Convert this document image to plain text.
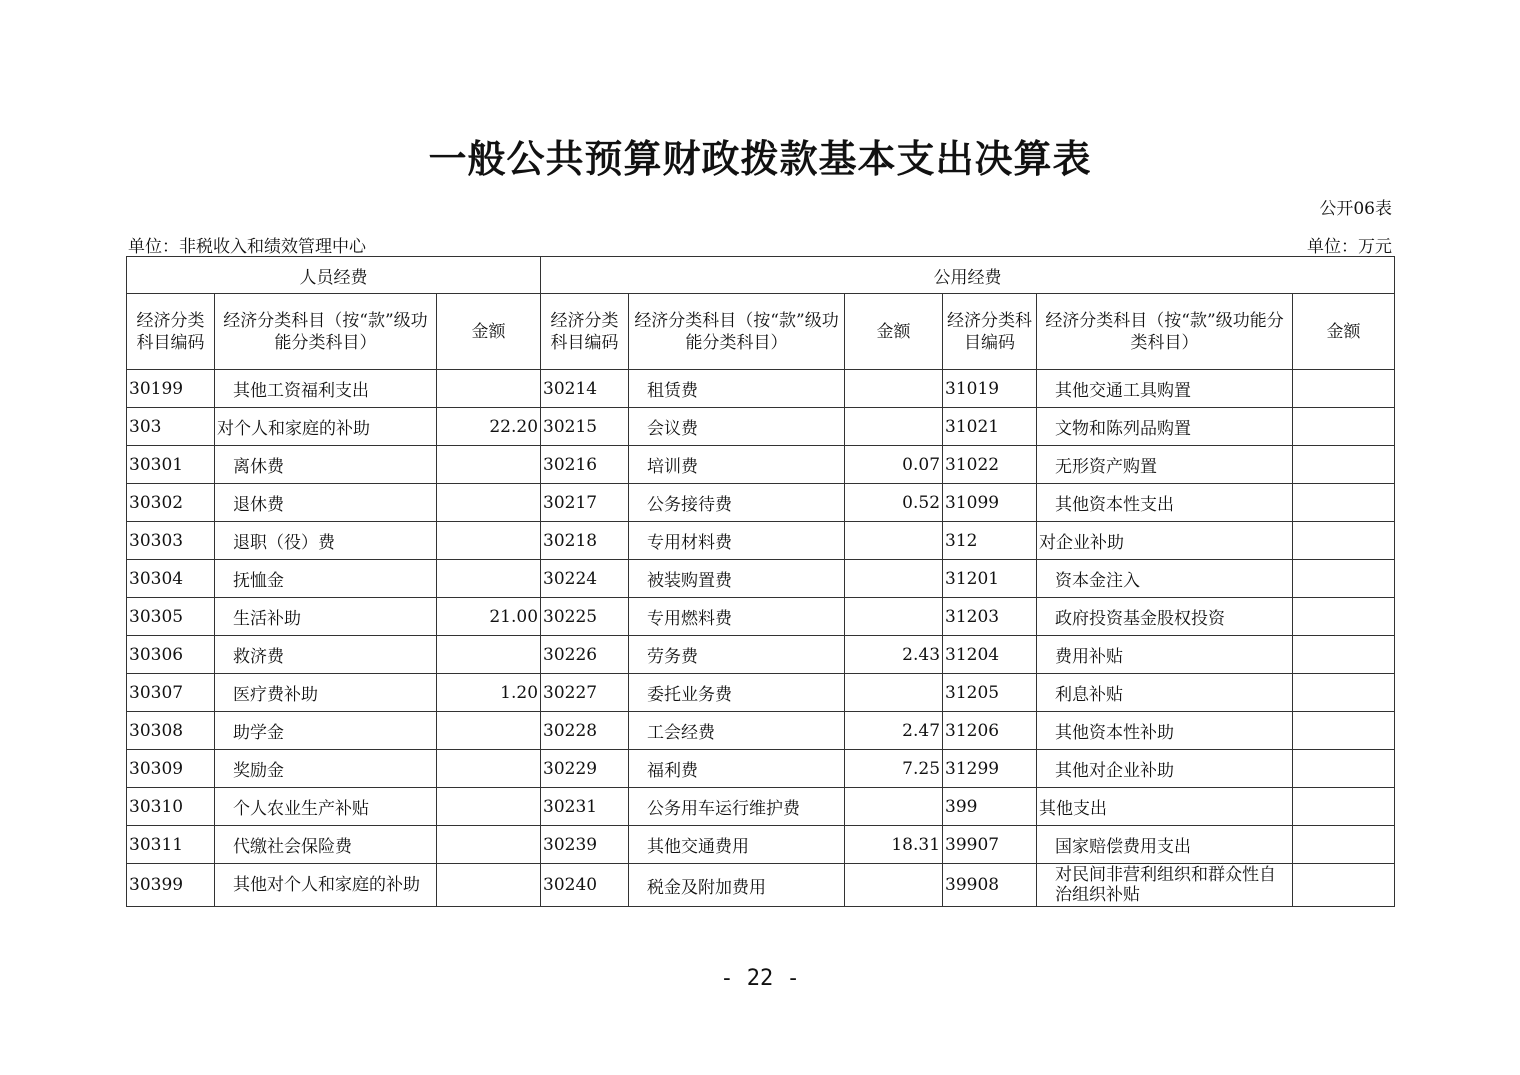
一般公共预算财政拨款基本支出决算表
公开06表
单位：非税收入和绩效管理中心	单位：万元
人员经费			公用经费					
经济分类科目编码	经济分类科目（按“款”级功能分类科目）	金额	经济分类科目编码	经济分类科目（按“款”级功能分类科目）	金额	经济分类科目编码	经济分类科目（按“款”级功能分类科目）	金额
30199	其他工资福利支出		30214	租赁费		31019	其他交通工具购置	
303	对个人和家庭的补助	22.20	30215	会议费		31021	文物和陈列品购置	
30301	离休费		30216	培训费	0.07	31022	无形资产购置	
30302	退休费		30217	公务接待费	0.52	31099	其他资本性支出	
30303	退职（役）费		30218	专用材料费		312	对企业补助	
30304	抚恤金		30224	被装购置费		31201	资本金注入	
30305	生活补助	21.00	30225	专用燃料费		31203	政府投资基金股权投资	
30306	救济费		30226	劳务费	2.43	31204	费用补贴	
30307	医疗费补助	1.20	30227	委托业务费		31205	利息补贴	
30308	助学金		30228	工会经费	2.47	31206	其他资本性补助	
30309	奖励金		30229	福利费	7.25	31299	其他对企业补助	
30310	个人农业生产补贴		30231	公务用车运行维护费		399	其他支出	
30311	代缴社会保险费		30239	其他交通费用	18.31	39907	国家赔偿费用支出	
30399	其他对个人和家庭的补助		30240	税金及附加费用		39908	对民间非营利组织和群众性自治组织补贴	
- 22 -
